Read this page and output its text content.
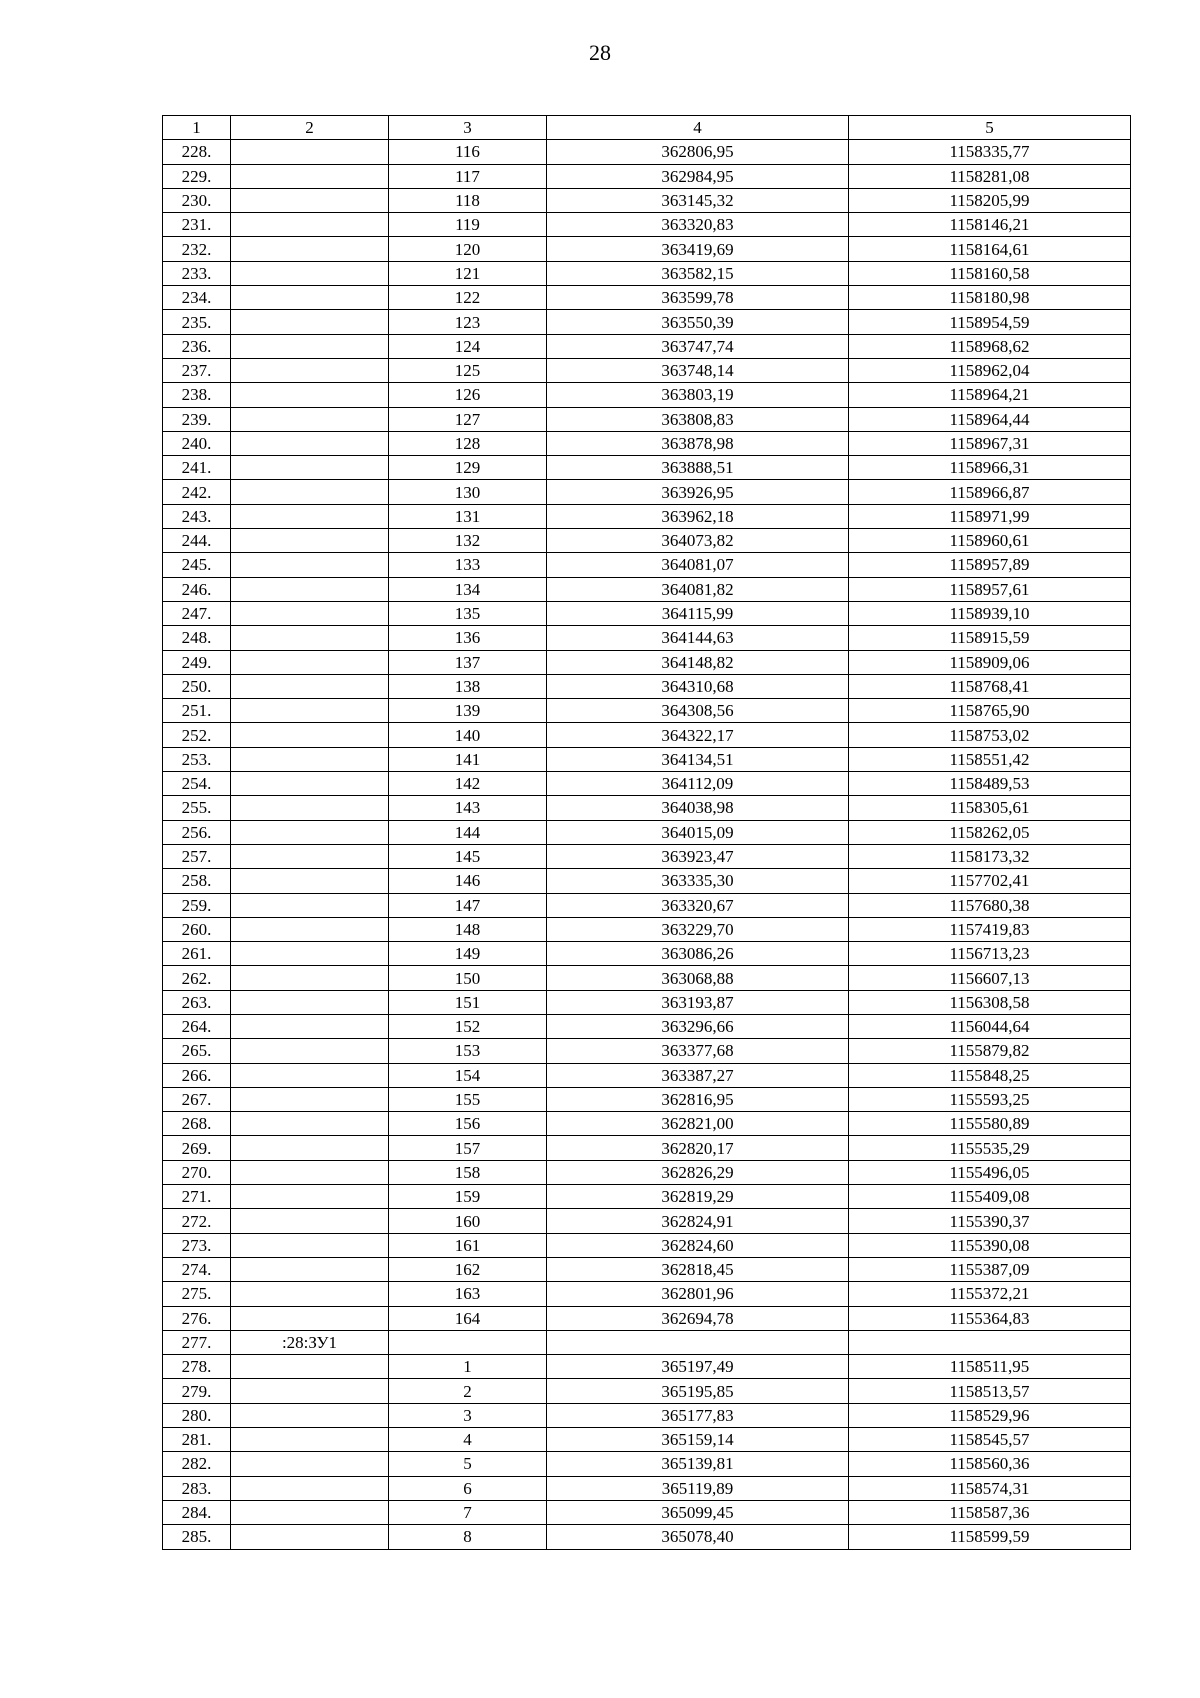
28
1	2	3	4	5
228.		116	362806,95	1158335,77
229.		117	362984,95	1158281,08
230.		118	363145,32	1158205,99
231.		119	363320,83	1158146,21
232.		120	363419,69	1158164,61
233.		121	363582,15	1158160,58
234.		122	363599,78	1158180,98
235.		123	363550,39	1158954,59
236.		124	363747,74	1158968,62
237.		125	363748,14	1158962,04
238.		126	363803,19	1158964,21
239.		127	363808,83	1158964,44
240.		128	363878,98	1158967,31
241.		129	363888,51	1158966,31
242.		130	363926,95	1158966,87
243.		131	363962,18	1158971,99
244.		132	364073,82	1158960,61
245.		133	364081,07	1158957,89
246.		134	364081,82	1158957,61
247.		135	364115,99	1158939,10
248.		136	364144,63	1158915,59
249.		137	364148,82	1158909,06
250.		138	364310,68	1158768,41
251.		139	364308,56	1158765,90
252.		140	364322,17	1158753,02
253.		141	364134,51	1158551,42
254.		142	364112,09	1158489,53
255.		143	364038,98	1158305,61
256.		144	364015,09	1158262,05
257.		145	363923,47	1158173,32
258.		146	363335,30	1157702,41
259.		147	363320,67	1157680,38
260.		148	363229,70	1157419,83
261.		149	363086,26	1156713,23
262.		150	363068,88	1156607,13
263.		151	363193,87	1156308,58
264.		152	363296,66	1156044,64
265.		153	363377,68	1155879,82
266.		154	363387,27	1155848,25
267.		155	362816,95	1155593,25
268.		156	362821,00	1155580,89
269.		157	362820,17	1155535,29
270.		158	362826,29	1155496,05
271.		159	362819,29	1155409,08
272.		160	362824,91	1155390,37
273.		161	362824,60	1155390,08
274.		162	362818,45	1155387,09
275.		163	362801,96	1155372,21
276.		164	362694,78	1155364,83
277.	:28:ЗУ1			
278.		1	365197,49	1158511,95
279.		2	365195,85	1158513,57
280.		3	365177,83	1158529,96
281.		4	365159,14	1158545,57
282.		5	365139,81	1158560,36
283.		6	365119,89	1158574,31
284.		7	365099,45	1158587,36
285.		8	365078,40	1158599,59
